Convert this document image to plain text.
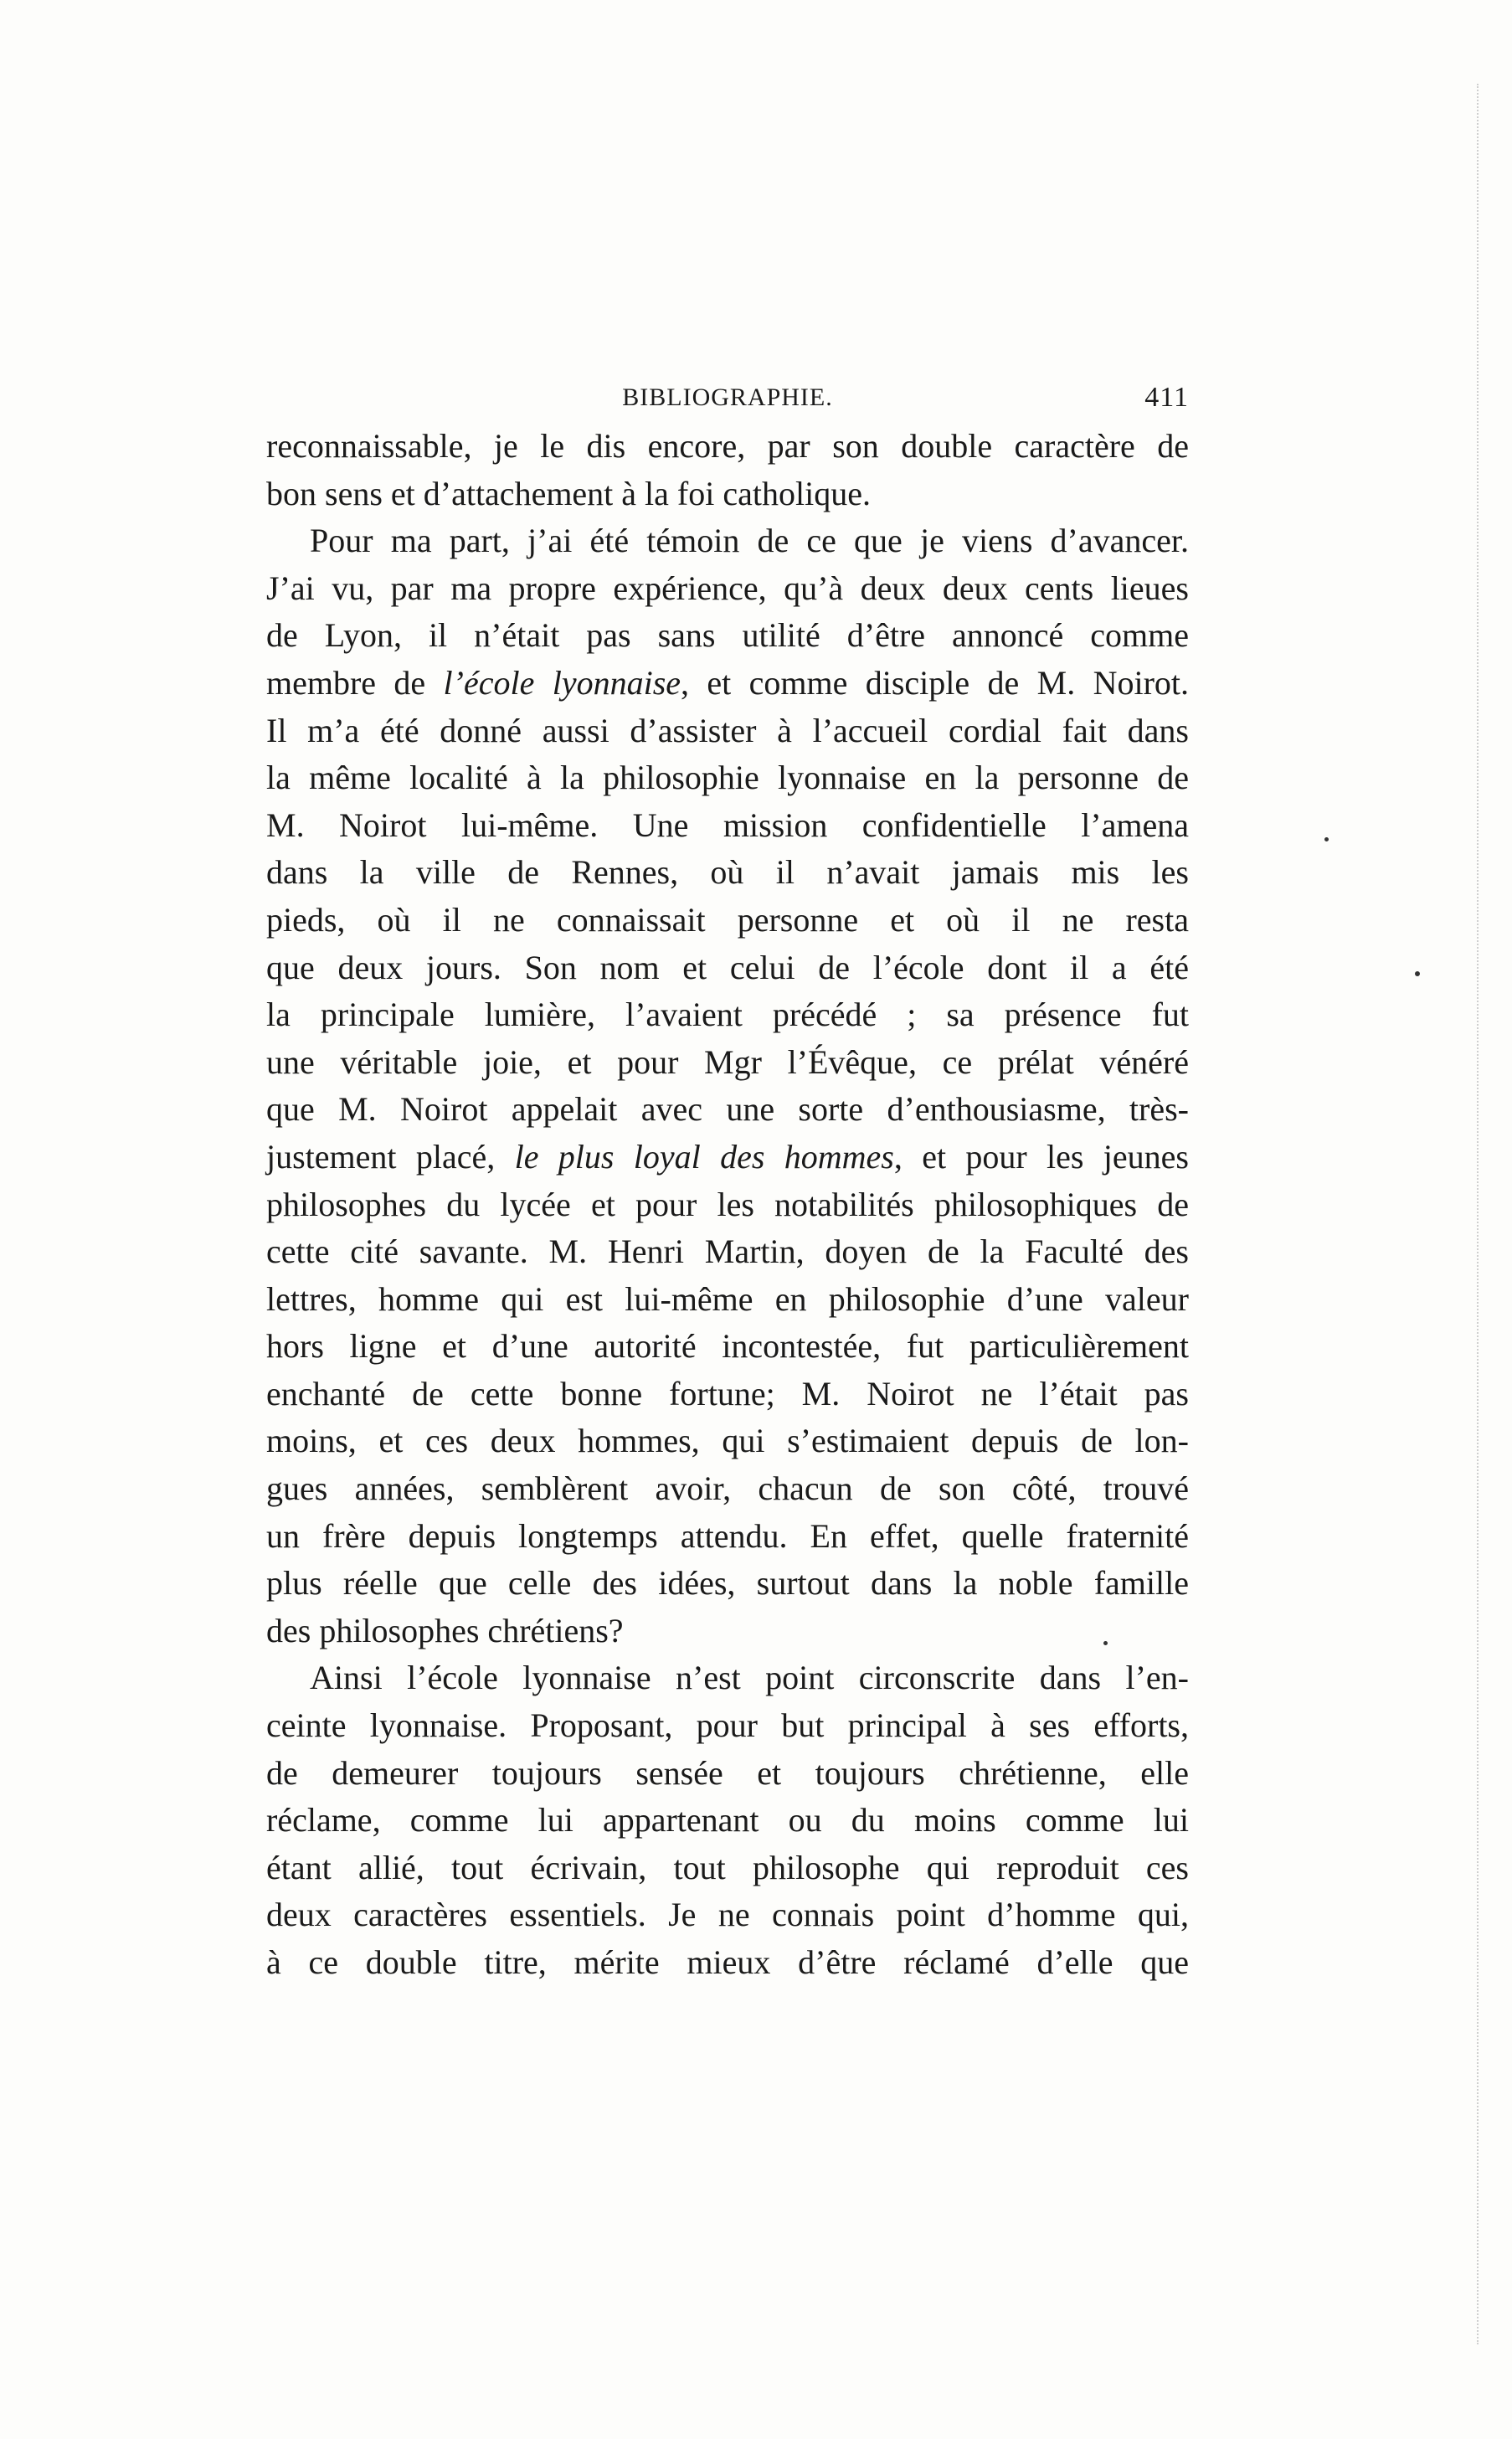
BIBLIOGRAPHIE.	411
reconnaissable, je le dis encore, par son double caractère de
bon sens et d’attachement à la foi catholique.
Pour ma part, j’ai été témoin de ce que je viens d’avancer.
J’ai vu, par ma propre expérience, qu’à deux deux cents lieues
de Lyon, il n’était pas sans utilité d’être annoncé comme
membre de l’école lyonnaise, et comme disciple de M. Noirot.
Il m’a été donné aussi d’assister à l’accueil cordial fait dans
la même localité à la philosophie lyonnaise en la personne de
M. Noirot lui-même. Une mission confidentielle l’amena
dans la ville de Rennes, où il n’avait jamais mis les
pieds, où il ne connaissait personne et où il ne resta
que deux jours. Son nom et celui de l’école dont il a été
la principale lumière, l’avaient précédé ; sa présence fut
une véritable joie, et pour Mgr l’Évêque, ce prélat vénéré
que M. Noirot appelait avec une sorte d’enthousiasme, très-
justement placé, le plus loyal des hommes, et pour les jeunes
philosophes du lycée et pour les notabilités philosophiques de
cette cité savante. M. Henri Martin, doyen de la Faculté des
lettres, homme qui est lui-même en philosophie d’une valeur
hors ligne et d’une autorité incontestée, fut particulièrement
enchanté de cette bonne fortune; M. Noirot ne l’était pas
moins, et ces deux hommes, qui s’estimaient depuis de lon-
gues années, semblèrent avoir, chacun de son côté, trouvé
un frère depuis longtemps attendu. En effet, quelle fraternité
plus réelle que celle des idées, surtout dans la noble famille
des philosophes chrétiens?
Ainsi l’école lyonnaise n’est point circonscrite dans l’en-
ceinte lyonnaise. Proposant, pour but principal à ses efforts,
de demeurer toujours sensée et toujours chrétienne, elle
réclame, comme lui appartenant ou du moins comme lui
étant allié, tout écrivain, tout philosophe qui reproduit ces
deux caractères essentiels. Je ne connais point d’homme qui,
à ce double titre, mérite mieux d’être réclamé d’elle que
